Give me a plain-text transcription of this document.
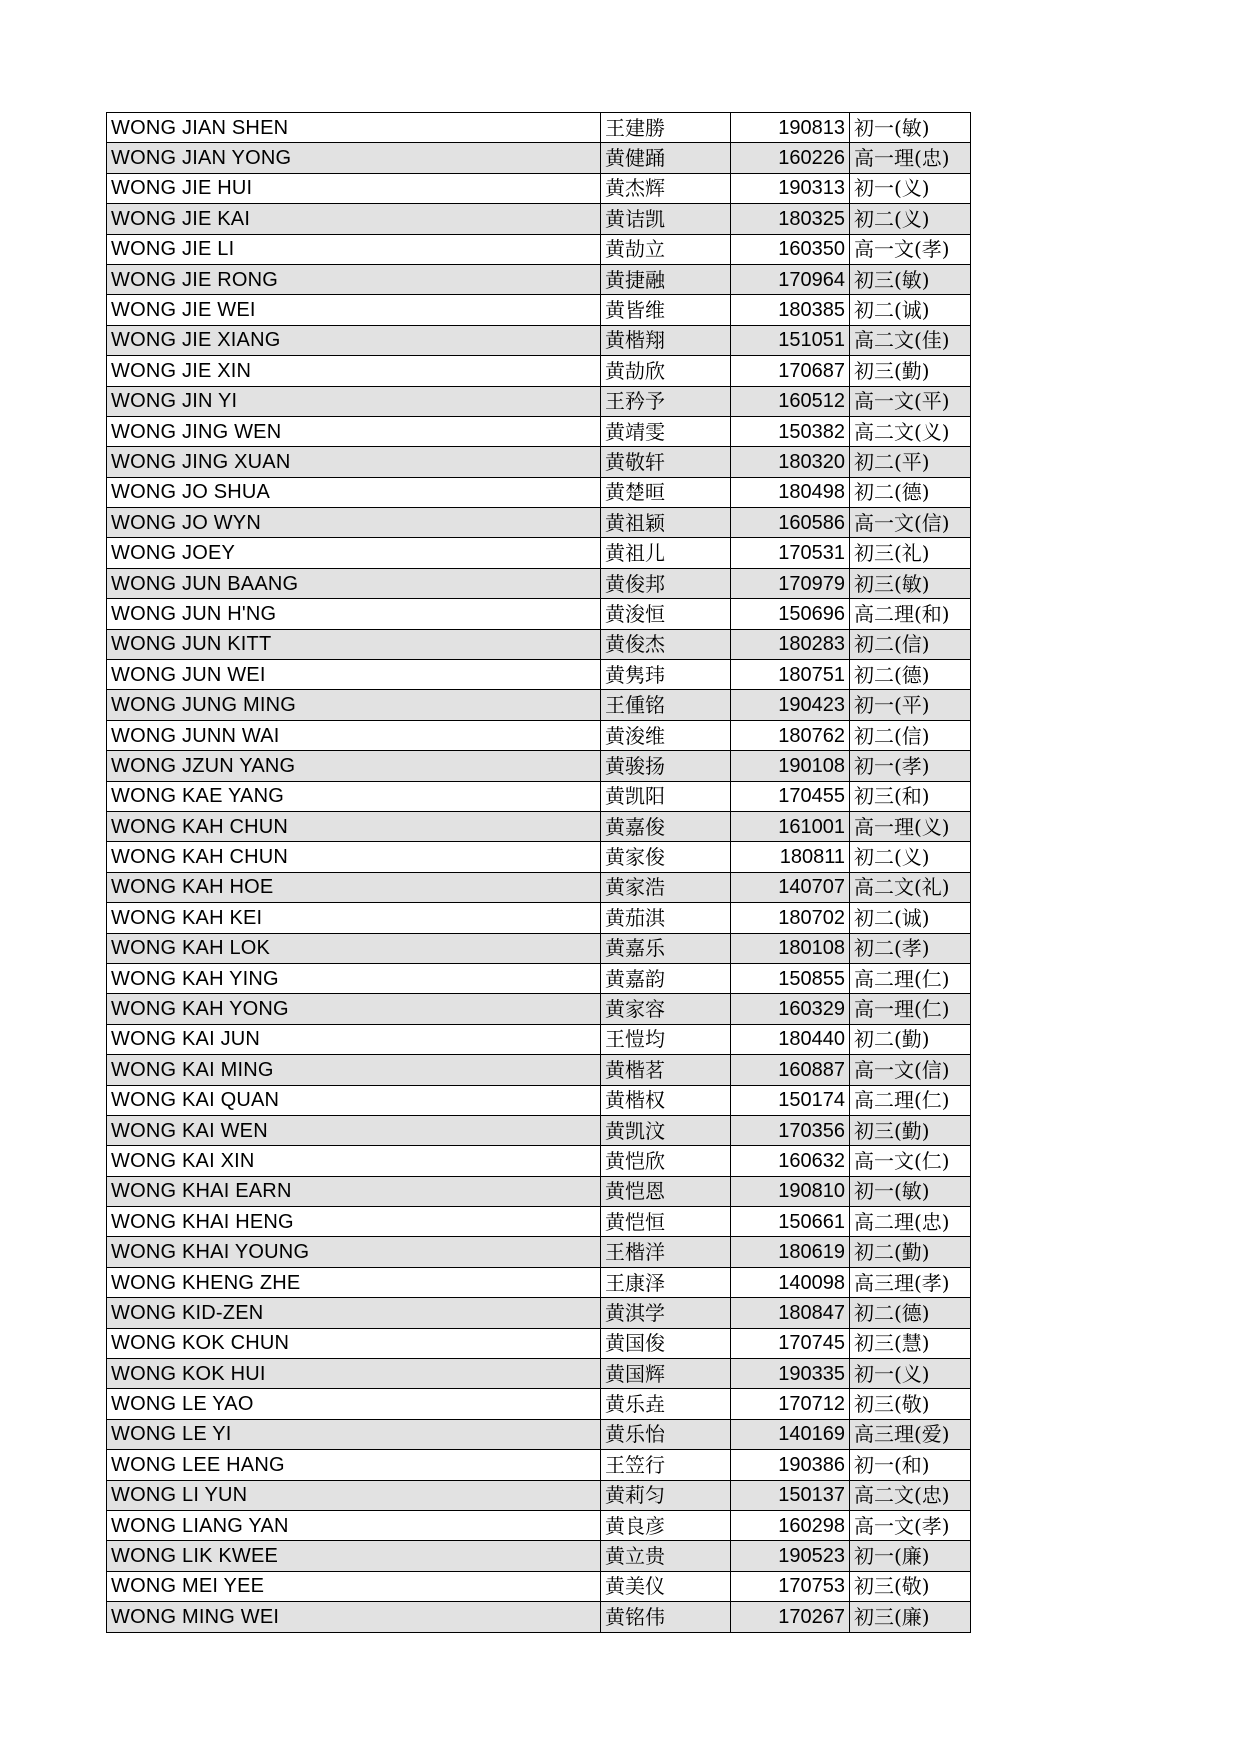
WONG JIAN SHEN	王建勝	190813	初一(敏)
WONG JIAN YONG	黄健踊	160226	高一理(忠)
WONG JIE HUI	黄杰辉	190313	初一(义)
WONG JIE KAI	黄诘凯	180325	初二(义)
WONG JIE LI	黄劼立	160350	高一文(孝)
WONG JIE RONG	黄捷融	170964	初三(敏)
WONG JIE WEI	黄皆维	180385	初二(诚)
WONG JIE XIANG	黄楷翔	151051	高二文(佳)
WONG JIE XIN	黄劼欣	170687	初三(勤)
WONG JIN YI	王矜予	160512	高一文(平)
WONG JING WEN	黄靖雯	150382	高二文(义)
WONG JING XUAN	黄敬轩	180320	初二(平)
WONG JO SHUA	黄楚晅	180498	初二(德)
WONG JO WYN	黄祖颖	160586	高一文(信)
WONG JOEY	黄祖儿	170531	初三(礼)
WONG JUN BAANG	黄俊邦	170979	初三(敏)
WONG JUN H'NG	黄浚恒	150696	高二理(和)
WONG JUN KITT	黄俊杰	180283	初二(信)
WONG JUN WEI	黄隽玮	180751	初二(德)
WONG JUNG MING	王偅铭	190423	初一(平)
WONG JUNN WAI	黄浚维	180762	初二(信)
WONG JZUN YANG	黄骏扬	190108	初一(孝)
WONG KAE YANG	黄凯阳	170455	初三(和)
WONG KAH CHUN	黄嘉俊	161001	高一理(义)
WONG KAH CHUN	黄家俊	180811	初二(义)
WONG KAH HOE	黄家浩	140707	高二文(礼)
WONG KAH KEI	黄茄淇	180702	初二(诚)
WONG KAH LOK	黄嘉乐	180108	初二(孝)
WONG KAH YING	黄嘉韵	150855	高二理(仁)
WONG KAH YONG	黄家容	160329	高一理(仁)
WONG KAI JUN	王愷均	180440	初二(勤)
WONG KAI MING	黄楷茗	160887	高一文(信)
WONG KAI QUAN	黄楷权	150174	高二理(仁)
WONG KAI WEN	黄凯汶	170356	初三(勤)
WONG KAI XIN	黄恺欣	160632	高一文(仁)
WONG KHAI EARN	黄恺恩	190810	初一(敏)
WONG KHAI HENG	黄恺恒	150661	高二理(忠)
WONG KHAI YOUNG	王楷洋	180619	初二(勤)
WONG KHENG ZHE	王康泽	140098	高三理(孝)
WONG KID-ZEN	黄淇学	180847	初二(德)
WONG KOK CHUN	黄国俊	170745	初三(慧)
WONG KOK HUI	黄国辉	190335	初一(义)
WONG LE YAO	黄乐垚	170712	初三(敬)
WONG LE YI	黄乐怡	140169	高三理(爱)
WONG LEE HANG	王笠行	190386	初一(和)
WONG LI YUN	黄莉匀	150137	高二文(忠)
WONG LIANG YAN	黄良彦	160298	高一文(孝)
WONG LIK KWEE	黄立贵	190523	初一(廉)
WONG MEI YEE	黄美仪	170753	初三(敬)
WONG MING WEI	黄铭伟	170267	初三(廉)
